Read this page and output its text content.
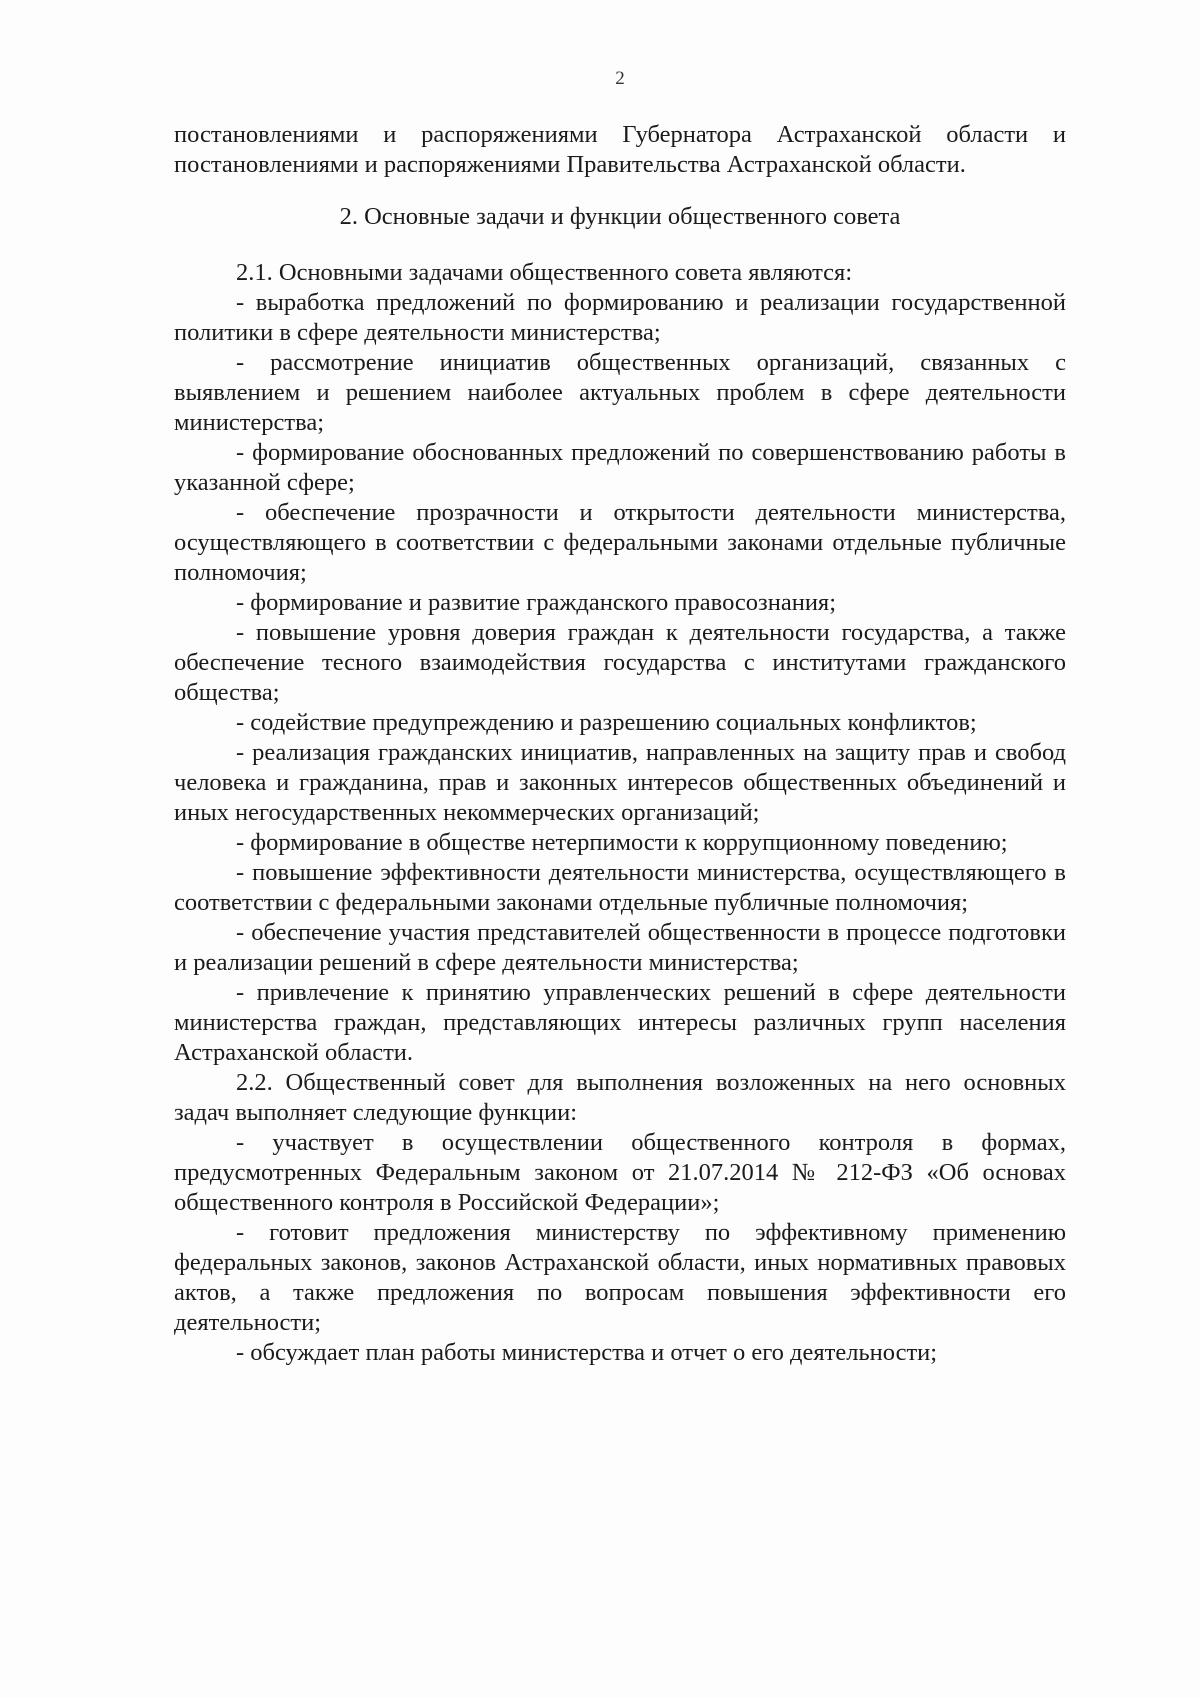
2

постановлениями и распоряжениями Губернатора Астраханской области и постановлениями и распоряжениями Правительства Астраханской области.

2. Основные задачи и функции общественного совета

2.1. Основными задачами общественного совета являются:

- выработка предложений по формированию и реализации государственной политики в сфере деятельности министерства;

- рассмотрение инициатив общественных организаций, связанных с выявлением и решением наиболее актуальных проблем в сфере деятельности министерства;

- формирование обоснованных предложений по совершенствованию работы в указанной сфере;

- обеспечение прозрачности и открытости деятельности министерства, осуществляющего в соответствии с федеральными законами отдельные публичные полномочия;

- формирование и развитие гражданского правосознания;

- повышение уровня доверия граждан к деятельности государства, а также обеспечение тесного взаимодействия государства с институтами гражданского общества;

- содействие предупреждению и разрешению социальных конфликтов;

- реализация гражданских инициатив, направленных на защиту прав и свобод человека и гражданина, прав и законных интересов общественных объединений и иных негосударственных некоммерческих организаций;

- формирование в обществе нетерпимости к коррупционному поведению;

- повышение эффективности деятельности министерства, осуществляющего в соответствии с федеральными законами отдельные публичные полномочия;

- обеспечение участия представителей общественности в процессе подготовки и реализации решений в сфере деятельности министерства;

- привлечение к принятию управленческих решений в сфере деятельности министерства граждан, представляющих интересы различных групп населения Астраханской области.

2.2. Общественный совет для выполнения возложенных на него основных задач выполняет следующие функции:

- участвует в осуществлении общественного контроля в формах, предусмотренных Федеральным законом от 21.07.2014 № 212-ФЗ «Об основах общественного контроля в Российской Федерации»;

- готовит предложения министерству по эффективному применению федеральных законов, законов Астраханской области, иных нормативных правовых актов, а также предложения по вопросам повышения эффективности его деятельности;

- обсуждает план работы министерства и отчет о его деятельности;
